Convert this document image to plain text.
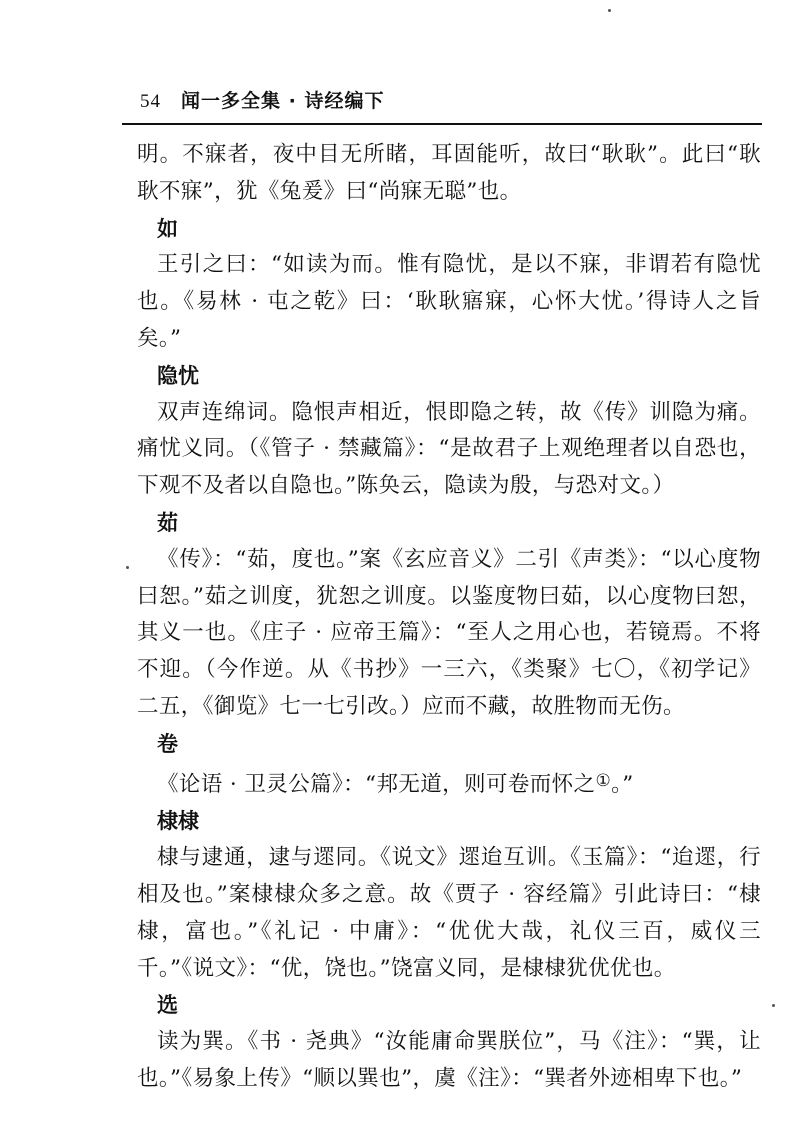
54 闻一多全集 · 诗经编下

明。不寐者，夜中目无所睹，耳固能听，故曰“耿耿”。此曰“耿耿不寐”，犹《兔爰》曰“尚寐无聪”也。

如

王引之曰：“如读为而。惟有隐忧，是以不寐，非谓若有隐忧也。《易林 · 屯之乾》曰：‘耿耿寤寐，心怀大忧。’得诗人之旨矣。”

隐忧

双声连绵词。隐恨声相近，恨即隐之转，故《传》训隐为痛。痛忧义同。（《管子 · 禁藏篇》：“是故君子上观绝理者以自恐也，下观不及者以自隐也。”陈奂云，隐读为殷，与恐对文。）

茹

《传》：“茹，度也。”案《玄应音义》二引《声类》：“以心度物曰恕。”茹之训度，犹恕之训度。以鉴度物曰茹，以心度物曰恕，其义一也。《庄子 · 应帝王篇》：“至人之用心也，若镜焉。不将不迎。（今作逆。从《书抄》一三六，《类聚》七〇，《初学记》二五，《御览》七一七引改。）应而不藏，故胜物而无伤。

卷

《论语 · 卫灵公篇》：“邦无道，则可卷而怀之①。”

棣棣

棣与逮通，逮与遝同。《说文》遝迨互训。《玉篇》：“迨遝，行相及也。”案棣棣众多之意。故《贾子 · 容经篇》引此诗曰：“棣棣，富也。”《礼记 · 中庸》：“优优大哉，礼仪三百，威仪三千。”《说文》：“优，饶也。”饶富义同，是棣棣犹优优也。

选

读为巽。《书 · 尧典》“汝能庸命巽朕位”，马《注》：“巽，让也。”《易象上传》“顺以巽也”，虞《注》：“巽者外迹相卑下也。”
